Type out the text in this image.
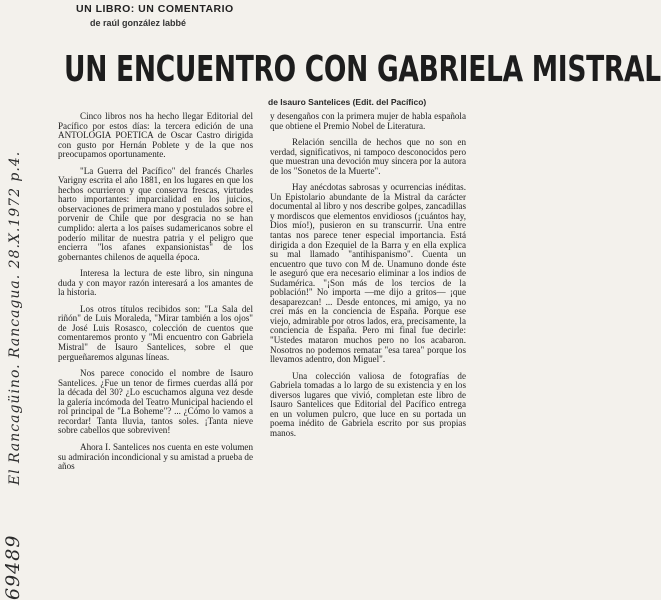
UN LIBRO: UN COMENTARIO
de raúl gonzález labbé
69489 El Rancagüino. Rancagua. 28.X.1972 p.4.
UN ENCUENTRO CON GABRIELA MISTRAL
de Isauro Santelices (Edit. del Pacífico)

Cinco libros nos ha hecho llegar Editorial del Pacífico por estos días: la tercera edición de una ANTOLOGIA POETICA de Oscar Castro dirigida con gusto por Hernán Poblete y de la que nos preocupamos oportunamente.

"La Guerra del Pacífico" del francés Charles Varigny escrita el año 1881, en los lugares en que los hechos ocurrieron y que conserva frescas, virtudes harto importantes: imparcialidad en los juicios, observaciones de primera mano y postulados sobre el porvenir de Chile que por desgracia no se han cumplido: alerta a los países sudamericanos sobre el poderío militar de nuestra patria y el peligro que encierra "los afanes expansionistas" de los gobernantes chilenos de aquella época.

Interesa la lectura de este libro, sin ninguna duda y con mayor razón interesará a los amantes de la historia.

Los otros títulos recibidos son: "La Sala del riñón" de Luis Moraleda, "Mirar también a los ojos" de José Luis Rosasco, colección de cuentos que comentaremos pronto y "Mi encuentro con Gabriela Mistral" de Isauro Santelices, sobre el que pergueñaremos algunas líneas.

Nos parece conocido el nombre de Isauro Santelices. ¿Fue un tenor de firmes cuerdas allá por la década del 30? ¿Lo escuchamos alguna vez desde la galería incómoda del Teatro Municipal haciendo el rol principal de "La Boheme"? ... ¿Cómo lo vamos a recordar! Tanta lluvia, tantos soles. ¡Tanta nieve sobre cabellos que sobreviven!

Ahora I. Santelices nos cuenta en este volumen su admiración incondicional y su amistad a prueba de años

y desengaños con la primera mujer de habla española que obtiene el Premio Nobel de Literatura.

Relación sencilla de hechos que no son en verdad, significativos, ni tampoco desconocidos pero que muestran una devoción muy sincera por la autora de los "Sonetos de la Muerte".

Hay anécdotas sabrosas y ocurrencias inéditas. Un Epistolario abundante de la Mistral da carácter documental al libro y nos describe golpes, zancadillas y mordiscos que elementos envidiosos (¡cuántos hay, Dios mío!), pusieron en su transcurrir. Una entre tantas nos parece tener especial importancia. Está dirigida a don Ezequiel de la Barra y en ella explica su mal llamado "antihispanismo". Cuenta un encuentro que tuvo con M de. Unamuno donde éste le aseguró que era necesario eliminar a los indios de Sudamérica. "¡Son más de los tercios de la población!" No importa —me dijo a gritos— ¡que desaparezcan! ... Desde entonces, mi amigo, ya no creí más en la conciencia de España. Porque ese viejo, admirable por otros lados, era, precisamente, la conciencia de España. Pero mi final fue decirle: "Ustedes mataron muchos pero no los acabaron. Nosotros no podemos rematar "esa tarea" porque los llevamos adentro, don Miguel".

Una colección valiosa de fotografías de Gabriela tomadas a lo largo de su existencia y en los diversos lugares que vivió, completan este libro de Isauro Santelices que Editorial del Pacífico entrega en un volumen pulcro, que luce en su portada un poema inédito de Gabriela escrito por sus propias manos.
